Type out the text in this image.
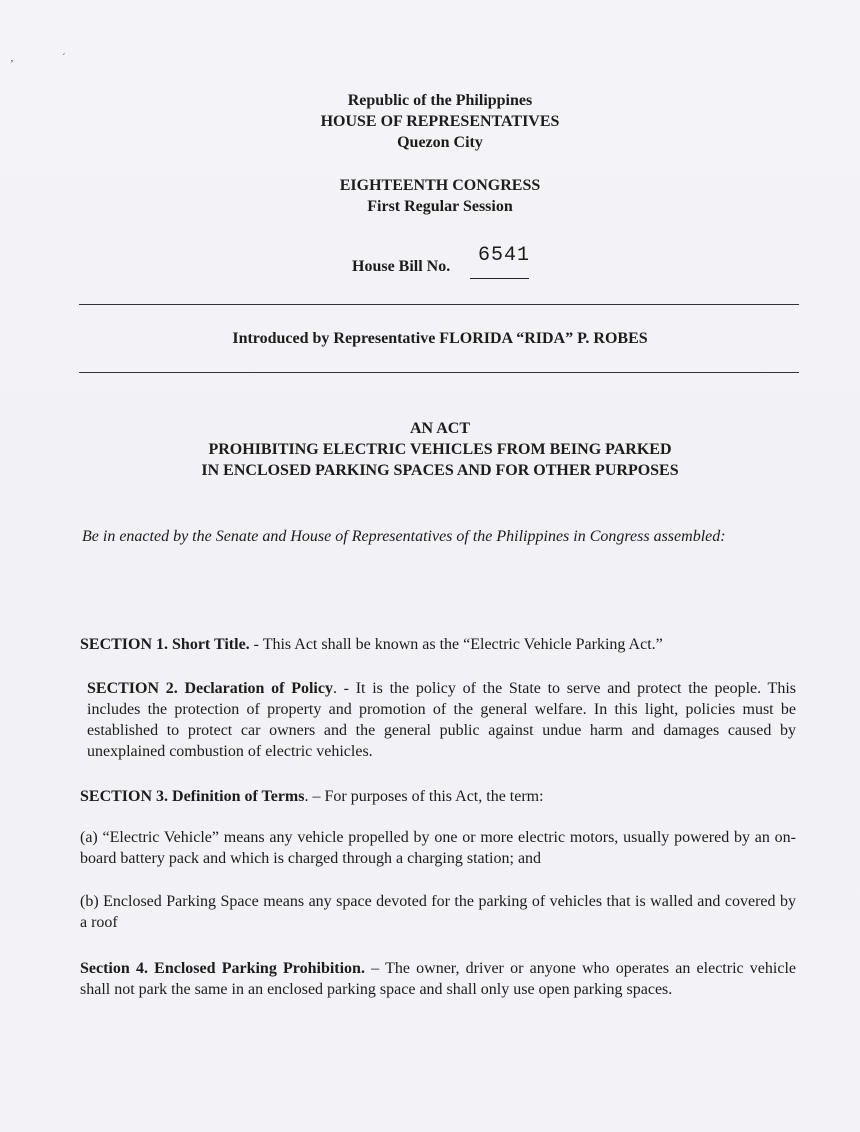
’	ˊ
Republic of the Philippines
HOUSE OF REPRESENTATIVES
Quezon City
EIGHTEENTH CONGRESS
First Regular Session
House Bill No. 6541
Introduced by Representative FLORIDA “RIDA” P. ROBES
AN ACT
PROHIBITING ELECTRIC VEHICLES FROM BEING PARKED
IN ENCLOSED PARKING SPACES AND FOR OTHER PURPOSES
Be in enacted by the Senate and House of Representatives of the Philippines in Congress assembled:
SECTION 1. Short Title. - This Act shall be known as the “Electric Vehicle Parking Act.”
SECTION 2. Declaration of Policy. - It is the policy of the State to serve and protect the people. This includes the protection of property and promotion of the general welfare. In this light, policies must be established to protect car owners and the general public against undue harm and damages caused by unexplained combustion of electric vehicles.
SECTION 3. Definition of Terms. – For purposes of this Act, the term:
(a) “Electric Vehicle” means any vehicle propelled by one or more electric motors, usually powered by an on-board battery pack and which is charged through a charging station; and
(b) Enclosed Parking Space means any space devoted for the parking of vehicles that is walled and covered by a roof
Section 4. Enclosed Parking Prohibition. – The owner, driver or anyone who operates an electric vehicle shall not park the same in an enclosed parking space and shall only use open parking spaces.
